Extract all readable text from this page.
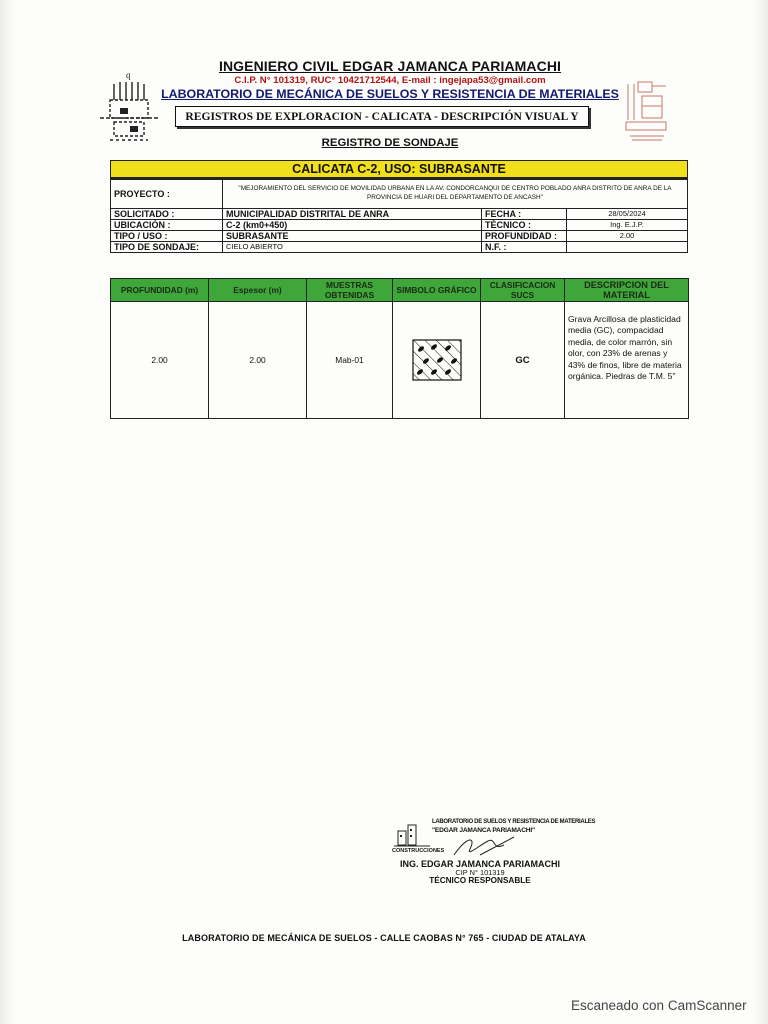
q
INGENIERO CIVIL EDGAR JAMANCA PARIAMACHI
C.I.P. N° 101319, RUC° 10421712544, E-mail : ingejapa53@gmail.com
LABORATORIO DE MECÁNICA DE SUELOS Y RESISTENCIA DE MATERIALES
REGISTROS DE EXPLORACION - CALICATA - DESCRIPCIÓN VISUAL Y
REGISTRO DE SONDAJE
CALICATA C-2, USO: SUBRASANTE
PROYECTO :	"MEJORAMIENTO DEL SERVICIO DE MOVILIDAD URBANA EN LA AV. CONDORCANQUI DE CENTRO POBLADO ANRA DISTRITO DE ANRA DE LA PROVINCIA DE HUARI DEL DEPARTAMENTO DE ANCASH"		
SOLICITADO :	MUNICIPALIDAD DISTRITAL DE ANRA	FECHA :	28/05/2024
UBICACIÓN :	C-2 (km0+450)	TÉCNICO :	Ing. E.J.P.
TIPO / USO :	SUBRASANTE	PROFUNDIDAD :	2.00
TIPO DE SONDAJE:	CIELO ABIERTO	N.F. :	
PROFUNDIDAD (m)	Espesor (m)	MUESTRAS OBTENIDAS	SIMBOLO GRÁFICO	CLASIFICACION SUCS	DESCRIPCION DEL MATERIAL
2.00	2.00	Mab-01		GC	Grava Arcillosa de plasticidad media (GC), compacidad media, de color marrón, sin olor, con 23% de arenas y 43% de finos, libre de materia orgánica. Piedras de T.M. 5"
LABORATORIO DE SUELOS Y RESISTENCIA DE MATERIALES
"EDGAR JAMANCA PARIAMACHI"
CONSTRUCCIONES
ING. EDGAR JAMANCA PARIAMACHI
CIP N° 101319
TÉCNICO RESPONSABLE
LABORATORIO DE MECÁNICA DE SUELOS - CALLE CAOBAS N° 765 - CIUDAD DE ATALAYA
Escaneado con CamScanner
